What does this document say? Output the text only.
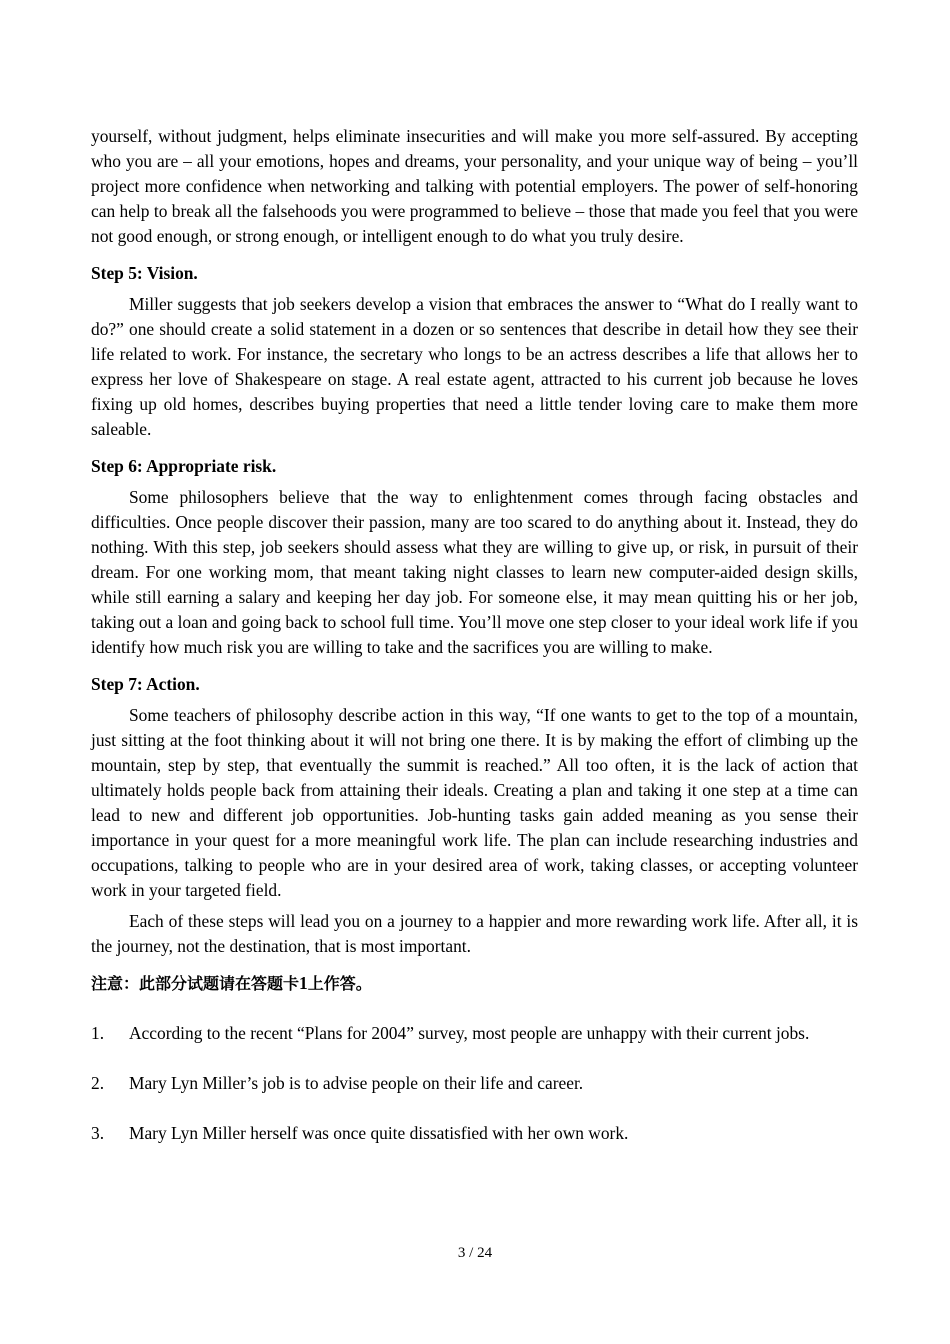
yourself, without judgment, helps eliminate insecurities and will make you more self-assured. By accepting who you are – all your emotions, hopes and dreams, your personality, and your unique way of being – you’ll project more confidence when networking and talking with potential employers. The power of self-honoring can help to break all the falsehoods you were programmed to believe – those that made you feel that you were not good enough, or strong enough, or intelligent enough to do what you truly desire.

Step 5: Vision.

Miller suggests that job seekers develop a vision that embraces the answer to “What do I really want to do?” one should create a solid statement in a dozen or so sentences that describe in detail how they see their life related to work. For instance, the secretary who longs to be an actress describes a life that allows her to express her love of Shakespeare on stage. A real estate agent, attracted to his current job because he loves fixing up old homes, describes buying properties that need a little tender loving care to make them more saleable.

Step 6: Appropriate risk.

Some philosophers believe that the way to enlightenment comes through facing obstacles and difficulties. Once people discover their passion, many are too scared to do anything about it. Instead, they do nothing. With this step, job seekers should assess what they are willing to give up, or risk, in pursuit of their dream. For one working mom, that meant taking night classes to learn new computer-aided design skills, while still earning a salary and keeping her day job. For someone else, it may mean quitting his or her job, taking out a loan and going back to school full time. You’ll move one step closer to your ideal work life if you identify how much risk you are willing to take and the sacrifices you are willing to make.

Step 7: Action.

Some teachers of philosophy describe action in this way, “If one wants to get to the top of a mountain, just sitting at the foot thinking about it will not bring one there. It is by making the effort of climbing up the mountain, step by step, that eventually the summit is reached.” All too often, it is the lack of action that ultimately holds people back from attaining their ideals. Creating a plan and taking it one step at a time can lead to new and different job opportunities. Job-hunting tasks gain added meaning as you sense their importance in your quest for a more meaningful work life. The plan can include researching industries and occupations, talking to people who are in your desired area of work, taking classes, or accepting volunteer work in your targeted field.

Each of these steps will lead you on a journey to a happier and more rewarding work life. After all, it is the journey, not the destination, that is most important.

注意：此部分试题请在答题卡1上作答。

1.	According to the recent “Plans for 2004” survey, most people are unhappy with their current jobs.
2.	Mary Lyn Miller’s job is to advise people on their life and career.
3.	Mary Lyn Miller herself was once quite dissatisfied with her own work.
3 / 24
